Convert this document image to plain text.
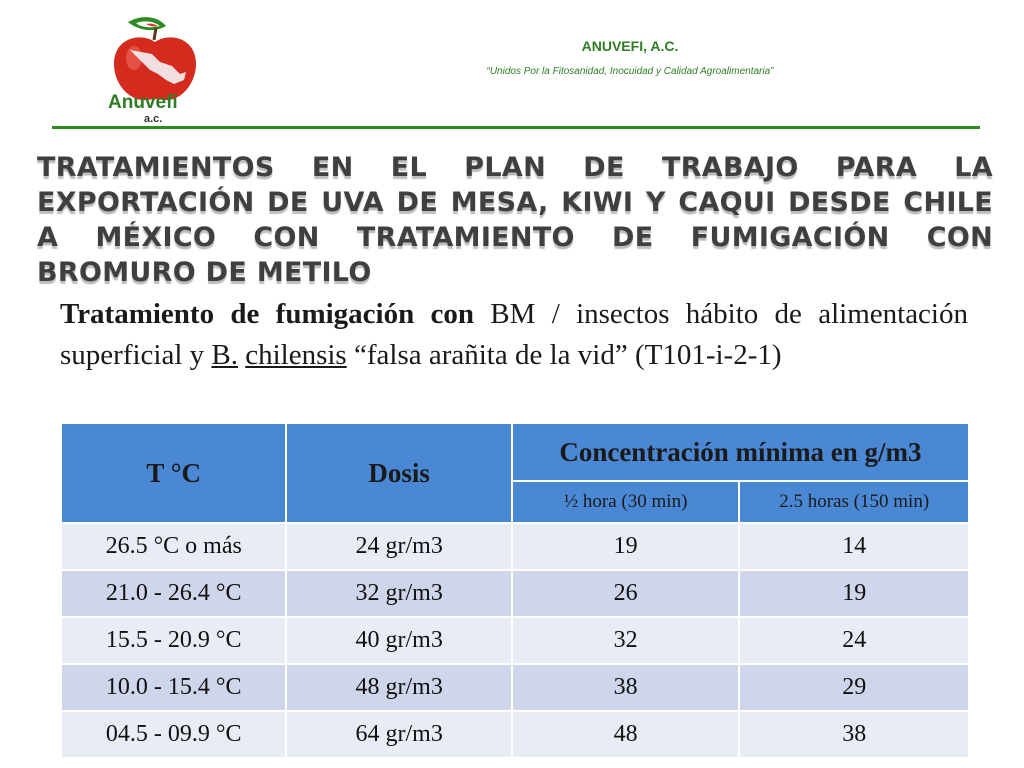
Anuvefi
a.c.
ANUVEFI, A.C.
“Unidos Por la Fitosanidad, Inocuidad y Calidad Agroalimentaria”
TRATAMIENTOS EN EL PLAN DE TRABAJO PARA LA EXPORTACIÓN DE UVA DE MESA, KIWI Y CAQUI DESDE CHILE A MÉXICO CON TRATAMIENTO DE FUMIGACIÓN CON BROMURO DE METILO

Tratamiento de fumigación con BM / insectos hábito de alimentación superficial y B. chilensis “falsa arañita de la vid” (T101-i-2-1)

T °C	Dosis	Concentración mínima en g/m3	
		½ hora (30 min)	2.5 horas (150 min)
26.5 °C o más	24 gr/m3	19	14
21.0 - 26.4 °C	32 gr/m3	26	19
15.5 - 20.9 °C	40 gr/m3	32	24
10.0 - 15.4 °C	48 gr/m3	38	29
04.5 - 09.9 °C	64 gr/m3	48	38
